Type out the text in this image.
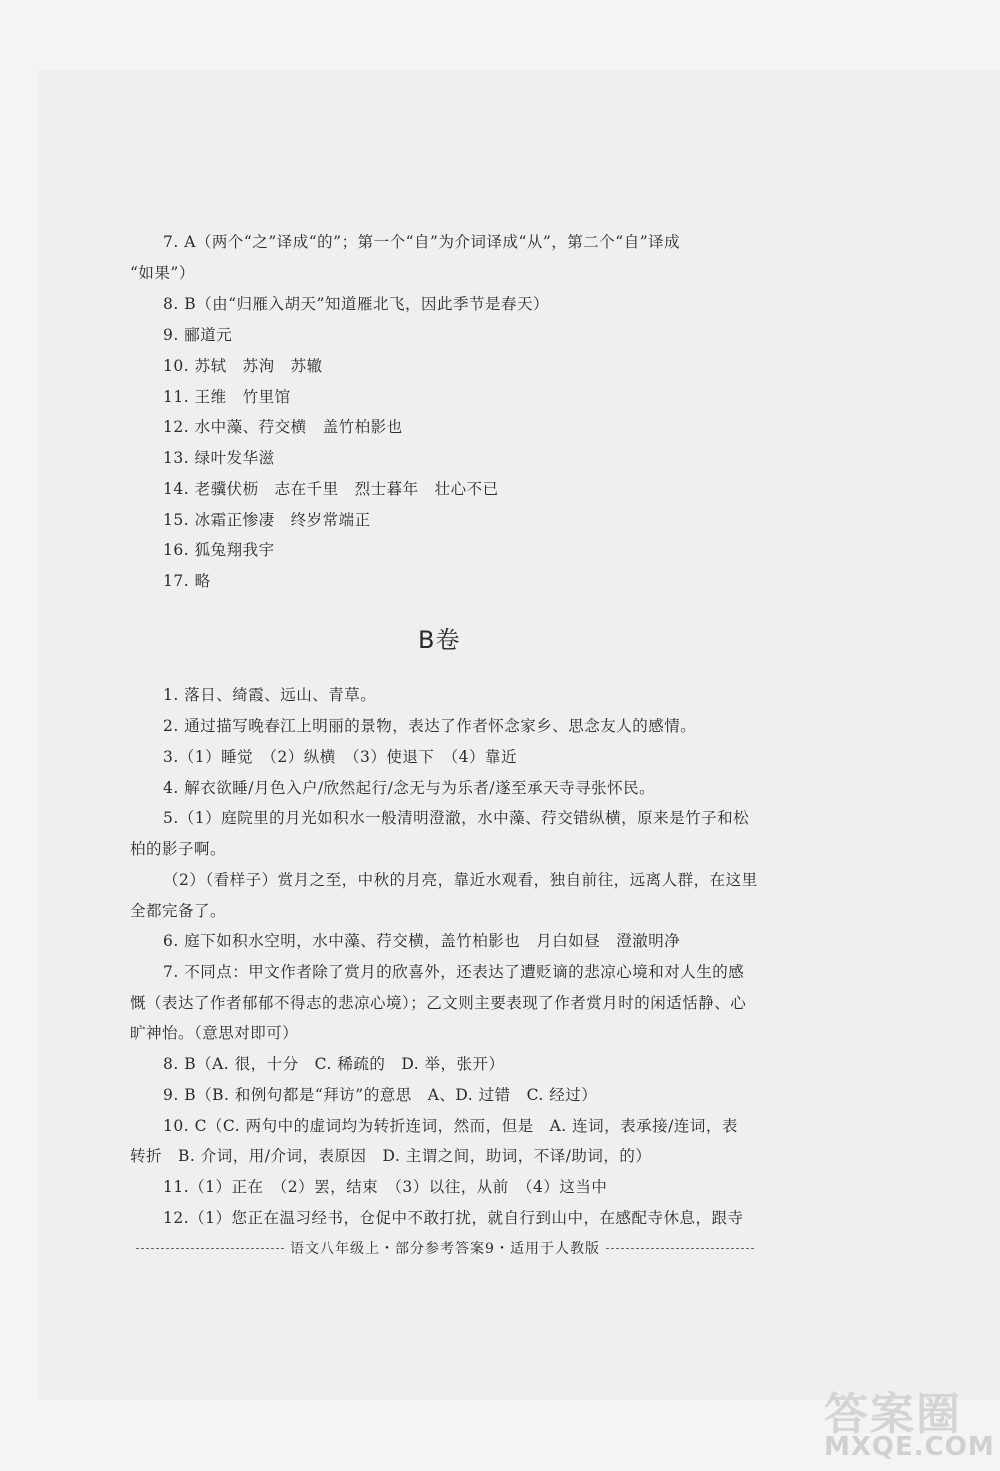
7. A（两个“之”译成“的”；第一个“自”为介词译成“从”，第二个“自”译成
“如果”）
8. B（由“归雁入胡天”知道雁北飞，因此季节是春天）
9. 郦道元
10. 苏轼　苏洵　苏辙
11. 王维　竹里馆
12. 水中藻、荇交横　盖竹柏影也
13. 绿叶发华滋
14. 老骥伏枥　志在千里　烈士暮年　壮心不已
15. 冰霜正惨凄　终岁常端正
16. 狐兔翔我宇
17. 略
B卷
1. 落日、绮霞、远山、青草。
2. 通过描写晚春江上明丽的景物，表达了作者怀念家乡、思念友人的感情。
3.（1）睡觉　（2）纵横　（3）使退下　（4）靠近
4. 解衣欲睡/月色入户/欣然起行/念无与为乐者/遂至承天寺寻张怀民。
5.（1）庭院里的月光如积水一般清明澄澈，水中藻、荇交错纵横，原来是竹子和松
柏的影子啊。
（2）（看样子）赏月之至，中秋的月亮，靠近水观看，独自前往，远离人群，在这里
全都完备了。
6. 庭下如积水空明，水中藻、荇交横，盖竹柏影也　月白如昼　澄澈明净
7. 不同点：甲文作者除了赏月的欣喜外，还表达了遭贬谪的悲凉心境和对人生的感
慨（表达了作者郁郁不得志的悲凉心境）；乙文则主要表现了作者赏月时的闲适恬静、心
旷神怡。（意思对即可）
8. B（A. 很，十分　C. 稀疏的　D. 举，张开）
9. B（B. 和例句都是“拜访”的意思　A、D. 过错　C. 经过）
10. C（C. 两句中的虚词均为转折连词，然而，但是　A. 连词，表承接/连词，表
转折　B. 介词，用/介词，表原因　D. 主谓之间，助词，不译/助词，的）
11.（1）正在　（2）罢，结束　（3）以往，从前　（4）这当中
12.（1）您正在温习经书，仓促中不敢打扰，就自行到山中，在感配寺休息，跟寺
语文八年级上・部分参考答案9・适用于人教版
答案圈
MXQE.COM
